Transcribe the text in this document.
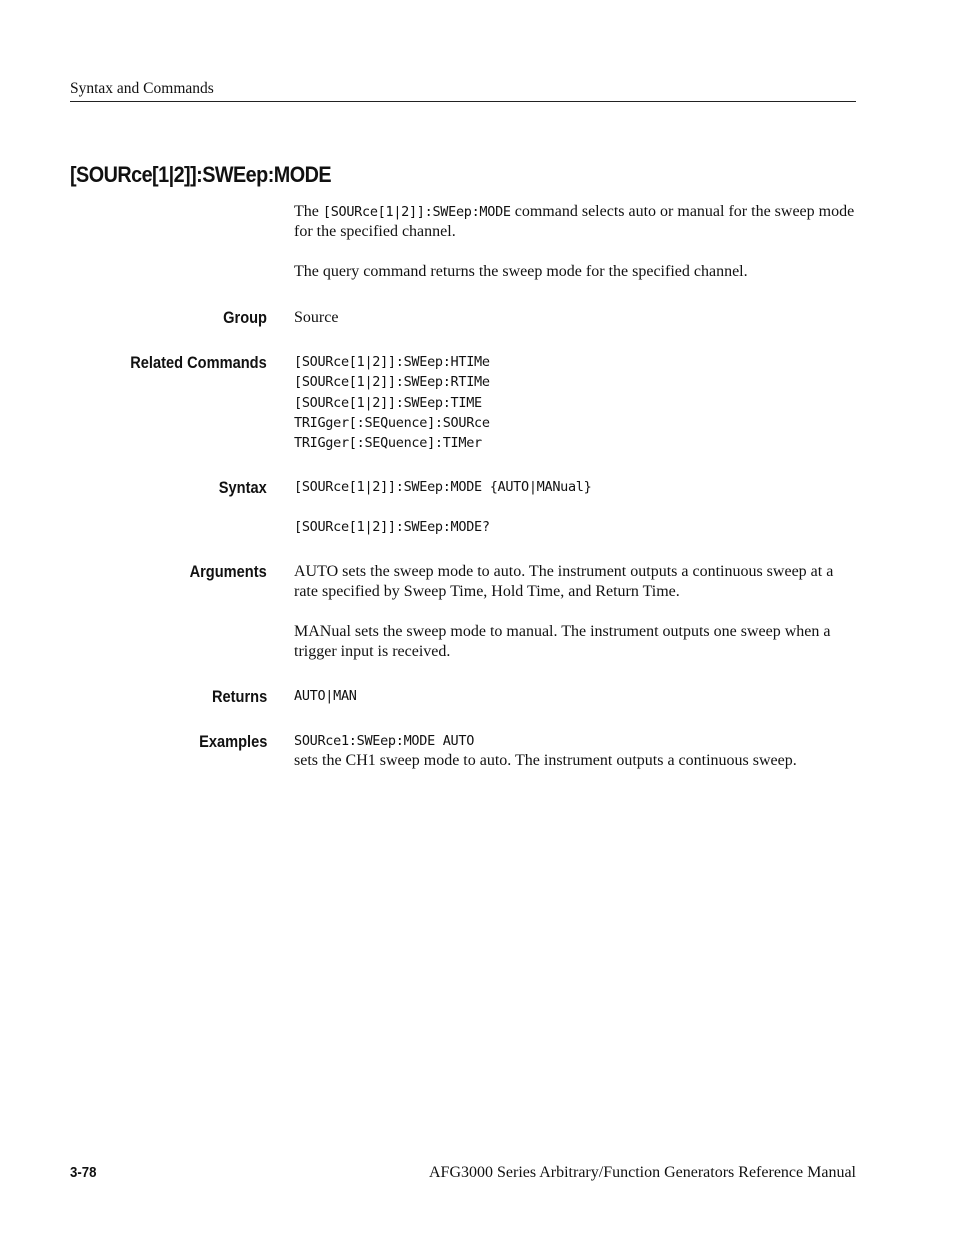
Syntax and Commands
[SOURce[1|2]]:SWEep:MODE

The [SOURce[1|2]]:SWEep:MODE command selects auto or manual for the sweep mode for the specified channel.

The query command returns the sweep mode for the specified channel.

Group Source
Related Commands [SOURce[1|2]]:SWEep:HTIMe
[SOURce[1|2]]:SWEep:RTIMe
[SOURce[1|2]]:SWEep:TIME
TRIGger[:SEQuence]:SOURce
TRIGger[:SEQuence]:TIMer
Syntax [SOURce[1|2]]:SWEep:MODE {AUTO|MANual}
[SOURce[1|2]]:SWEep:MODE?
Arguments AUTO sets the sweep mode to auto. The instrument outputs a continuous sweep at a rate specified by Sweep Time, Hold Time, and Return Time.
MANual sets the sweep mode to manual. The instrument outputs one sweep when a trigger input is received.
Returns AUTO|MAN
Examples SOURce1:SWEep:MODE AUTO
sets the CH1 sweep mode to auto. The instrument outputs a continuous sweep.
3-78	AFG3000 Series Arbitrary/Function Generators Reference Manual
